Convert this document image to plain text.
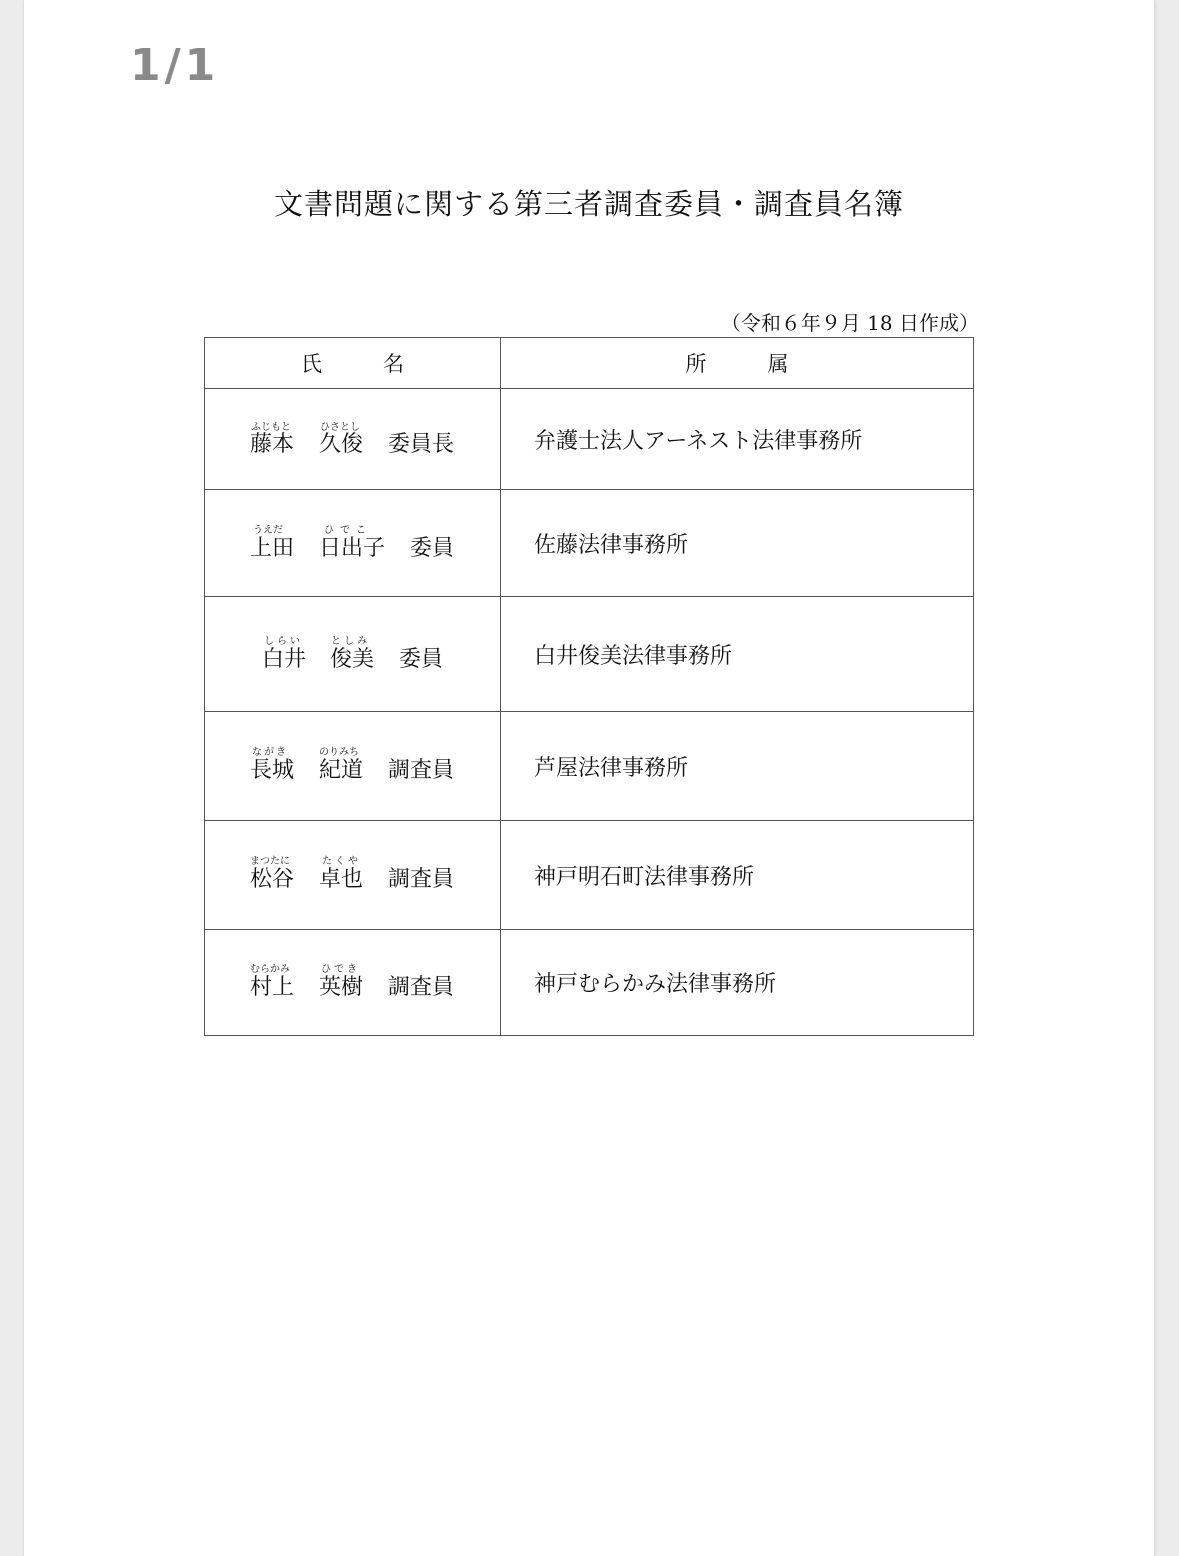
1/1
文書問題に関する第三者調査委員・調査員名簿
（令和６年９月 18 日作成）
氏　名	所　属

ふじもと ひさとし
藤本 久俊 委員長	弁護士法人アーネスト法律事務所

うえだ ひでこ
上田 日出子 委員	佐藤法律事務所

しらい としみ
白井 俊美 委員	白井俊美法律事務所

ながき のりみち
長城 紀道 調査員	芦屋法律事務所

まつたに たくや
松谷 卓也 調査員	神戸明石町法律事務所

むらかみ ひでき
村上 英樹 調査員	神戸むらかみ法律事務所
